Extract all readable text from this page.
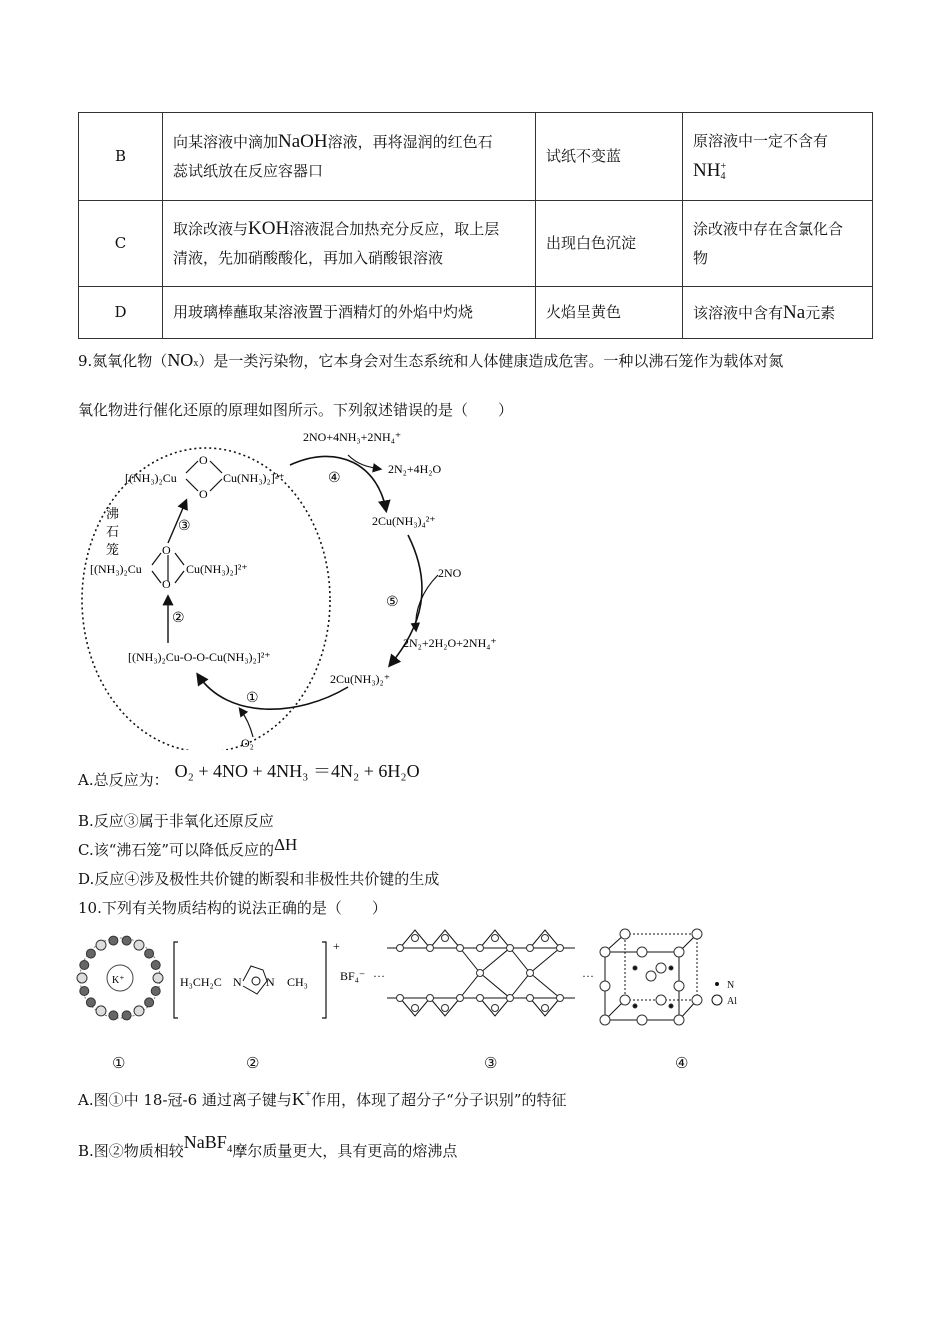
B	向某溶液中滴加NaOH溶液，再将湿润的红色石
蕊试纸放在反应容器口	试纸不变蓝	原溶液中一定不含有
NH+
4
C	取涂改液与KOH溶液混合加热充分反应，取上层
清液，先加硝酸酸化，再加入硝酸银溶液	出现白色沉淀	涂改液中存在含氯化合
物
D	用玻璃棒蘸取某溶液置于酒精灯的外焰中灼烧	火焰呈黄色	该溶液中含有Na元素
9.氮氧化物（NOx）是一类污染物，它本身会对生态系统和人体健康造成危害。一种以沸石笼作为载体对氮
氧化物进行催化还原的原理如图所示。下列叙述错误的是（　　）
沸
石
笼
[(NH₃)₂Cu	Cu(NH₃)₂]²⁺
O
O
[(NH₃)₂Cu	Cu(NH₃)₂]²⁺
O
O
[(NH₃)₂Cu-O-O-Cu(NH₃)₂]²⁺
②
③
2NO+4NH₃+2NH₄⁺
2N₂+4H₂O
④
2Cu(NH₃)₄²⁺
2NO
⑤
2N₂+2H₂O+2NH₄⁺
2Cu(NH₃)₂⁺
①
O₂
A.总反应为： O₂ + 4NO + 4NH₃ ＝4N₂ + 6H₂O
B.反应③属于非氧化还原反应
C.该“沸石笼”可以降低反应的ΔH
D.反应④涉及极性共价键的断裂和非极性共价键的生成
10.下列有关物质结构的说法正确的是（　　）
K⁺	H₃CH₂C N N CH₃
+
BF₄⁻ ···	···
N
Al
①	②	③	④
A.图①中 18-冠-6 通过离子键与K+作用，体现了超分子“分子识别”的特征
B.图②物质相较NaBF$^4$摩尔质量更大，具有更高的熔沸点
